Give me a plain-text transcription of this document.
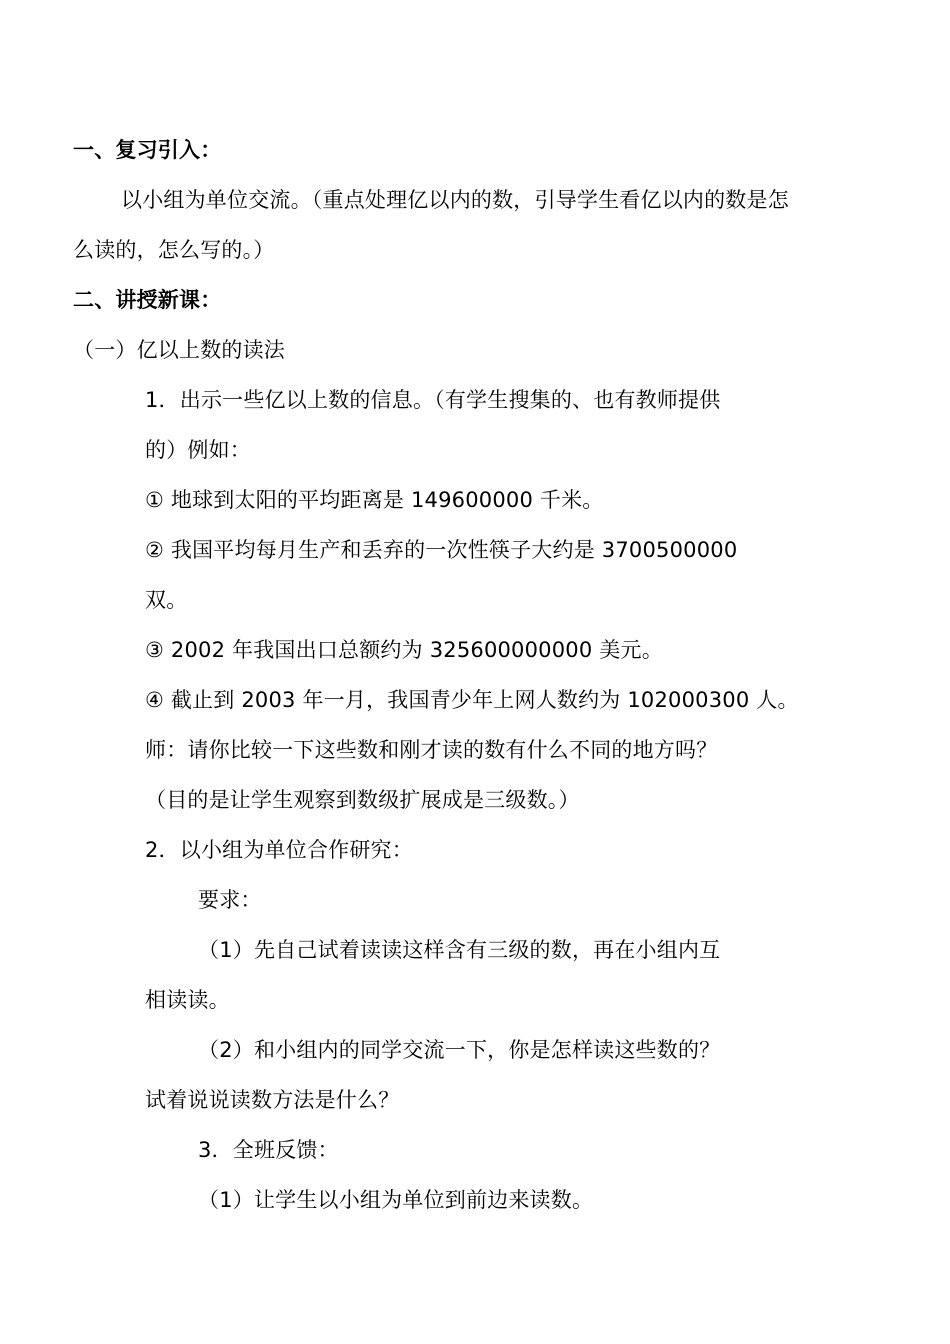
一、复习引入：
以小组为单位交流。（重点处理亿以内的数，引导学生看亿以内的数是怎
么读的，怎么写的。）
二、讲授新课：
（一）亿以上数的读法
1．出示一些亿以上数的信息。（有学生搜集的、也有教师提供
的）例如：
① 地球到太阳的平均距离是 149600000 千米。
② 我国平均每月生产和丢弃的一次性筷子大约是 3700500000
双。
③ 2002 年我国出口总额约为 325600000000 美元。
④ 截止到 2003 年一月，我国青少年上网人数约为 102000300 人。
师：请你比较一下这些数和刚才读的数有什么不同的地方吗？
（目的是让学生观察到数级扩展成是三级数。）
2．以小组为单位合作研究：
要求：
（1）先自己试着读读这样含有三级的数，再在小组内互
相读读。
（2）和小组内的同学交流一下，你是怎样读这些数的？
试着说说读数方法是什么？
3．全班反馈：
（1）让学生以小组为单位到前边来读数。
